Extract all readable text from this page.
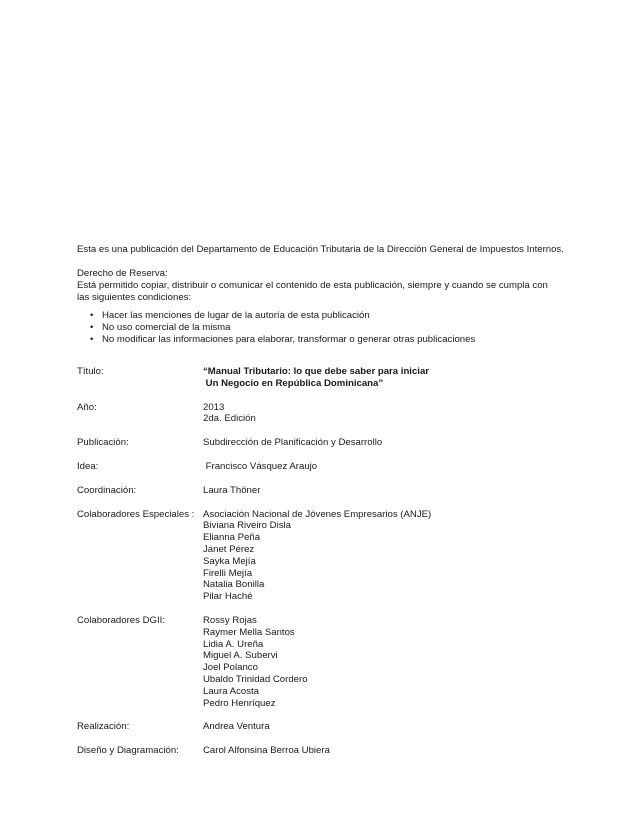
Esta es una publicación del Departamento de Educación Tributaria de la Dirección General de Impuestos Internos.

Derecho de Reserva:

Está permitido copiar, distribuir o comunicar el contenido de esta publicación, siempre y cuando se cumpla con las siguientes condiciones:

• Hacer las menciones de lugar de la autoría de esta publicación
• No uso comercial de la misma
• No modificar las informaciones para elaborar, transformar o generar otras publicaciones
Título:	“Manual Tributario: lo que debe saber para iniciar
Un Negocio en República Dominicana”
Año:	2013
2da. Edición
Publicación:	Subdirección de Planificación y Desarrollo
Idea:	Francisco Vásquez Araujo
Coordinación:	Laura Thöner
Colaboradores Especiales : Asociación Nacional de Jóvenes Empresarios (ANJE)
Biviana Riveiro Disla
Elianna Peña
Janet Pérez
Sayka Mejía
Firelli Mejía
Natalia Bonilla
Pilar Haché
Colaboradores DGII:	Rossy Rojas
Raymer Mella Santos
Lidia A. Ureña
Miguel A. Subervi
Joel Polanco
Ubaldo Trinidad Cordero
Laura Acosta
Pedro Henríquez
Realización:	Andrea Ventura
Diseño y Diagramación:	Carol Alfonsina Berroa Ubiera
